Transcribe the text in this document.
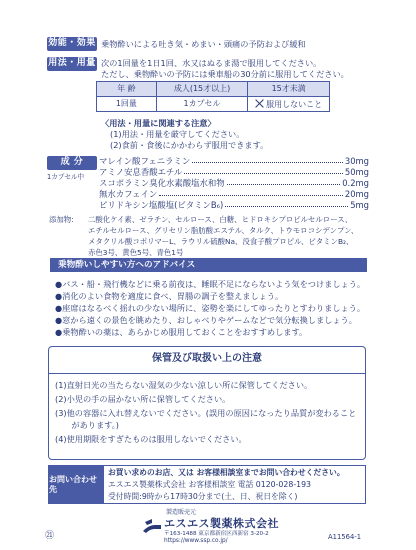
効能・効果 乗物酔いによる吐き気・めまい・頭痛の予防および緩和
用法・用量 次の1回量を1日1回、水又はぬるま湯で服用してください。
ただし、乗物酔いの予防には乗車船の30分前に服用してください。
年 齢	成人(15才以上)	15才未満
1回量	1カプセル	服用しないこと
〈用法・用量に関連する注意〉
(1)用法・用量を厳守してください。
(2)食前・食後にかかわらず服用できます。
成 分
1カプセル中
マレイン酸フェニラミン	30mg
アミノ安息香酸エチル	50mg
スコポラミン臭化水素酸塩水和物	0.2mg
無水カフェイン	20mg
ピリドキシン塩酸塩(ビタミンB₆)	5mg
添加物: 二酸化ケイ素、ゼラチン、セルロース、白糖、ヒドロキシプロピルセルロース、
エチルセルロース、グリセリン脂肪酸エステル、タルク、トウモロコシデンプン、
メタクリル酸コポリマーL、ラウリル硫酸Na、没食子酸プロピル、ビタミンB₂、
赤色3号、黄色5号、青色1号
乗物酔いしやすい方へのアドバイス
●バス・船・飛行機などに乗る前夜は、睡眠不足にならないよう気をつけましょう。
●消化のよい食物を適度に食べ、胃腸の調子を整えましょう。
●座席はなるべく揺れの少ない場所に、姿勢を楽にしてゆったりとすわりましょう。
●窓から遠くの景色を眺めたり、おしゃべりやゲームなどで気分転換しましょう。
●乗物酔いの薬は、あらかじめ服用しておくことをおすすめします。
保管及び取扱い上の注意
(1)直射日光の当たらない湿気の少ない涼しい所に保管してください。
(2)小児の手の届かない所に保管してください。
(3)他の容器に入れ替えないでください。(誤用の原因になったり品質が変わること
　　があります。)
(4)使用期限をすぎたものは服用しないでください。
お問い合わせ先
お買い求めのお店、又は お客様相談室までお問い合わせください。
エスエス製薬株式会社 お客様相談室 電話 0120-028-193
受付時間:9時から17時30分まで(土、日、祝日を除く)
製造販売元
エスエス製薬株式会社
〒163-1488 東京都新宿区西新宿 3-20-2
https://www.ssp.co.jp/
㉑	A11564-1
